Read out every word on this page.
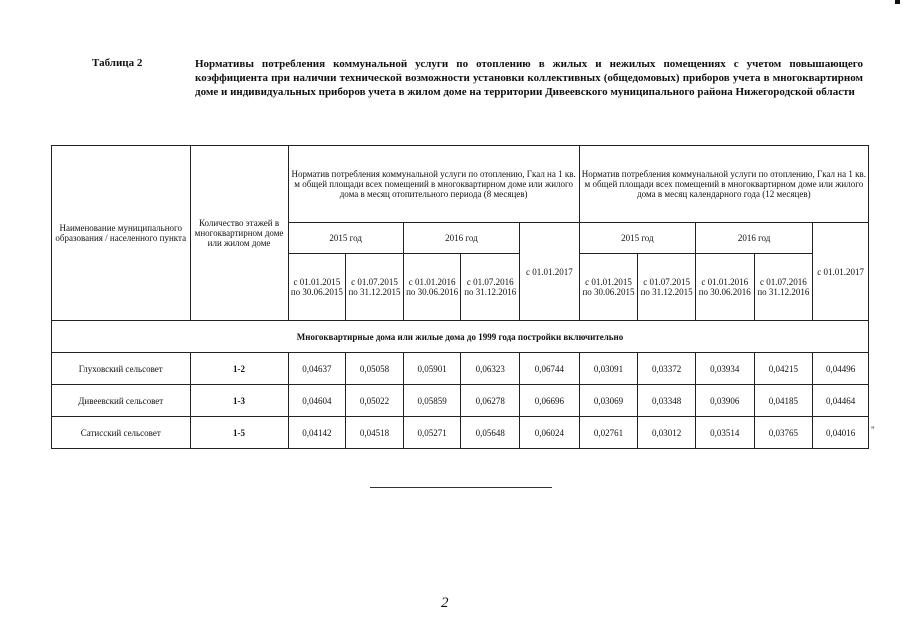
Таблица 2	Нормативы потребления коммунальной услуги по отоплению в жилых и нежилых помещениях с учетом повышающего коэффициента при наличии технической возможности установки коллективных (общедомовых) приборов учета в многоквартирном доме и индивидуальных приборов учета в жилом доме на территории Дивеевского муниципального района Нижегородской области
Наименование муниципального образования / населенного пункта	Количество этажей в многоквартирном доме или жилом доме	Норматив потребления коммунальной услуги по отоплению, Гкал на 1 кв. м общей площади всех помещений в многоквартирном доме или жилого дома в месяц отопительного периода (8 месяцев)					Норматив потребления коммунальной услуги по отоплению, Гкал на 1 кв. м общей площади всех помещений в многоквартирном доме или жилого дома в месяц календарного года (12 месяцев)				
		2015 год		2016 год		с 01.01.2017	2015 год		2016 год		с 01.01.2017
		с 01.01.2015 по 30.06.2015	с 01.07.2015 по 31.12.2015	с 01.01.2016 по 30.06.2016	с 01.07.2016 по 31.12.2016		с 01.01.2015 по 30.06.2015	с 01.07.2015 по 31.12.2015	с 01.01.2016 по 30.06.2016	с 01.07.2016 по 31.12.2016	
Многоквартирные дома или жилые дома до 1999 года постройки включительно											
Глуховский сельсовет	1-2	0,04637	0,05058	0,05901	0,06323	0,06744	0,03091	0,03372	0,03934	0,04215	0,04496
Дивеевский сельсовет	1-3	0,04604	0,05022	0,05859	0,06278	0,06696	0,03069	0,03348	0,03906	0,04185	0,04464
Сатисский сельсовет	1-5	0,04142	0,04518	0,05271	0,05648	0,06024	0,02761	0,03012	0,03514	0,03765	0,04016 "
2
